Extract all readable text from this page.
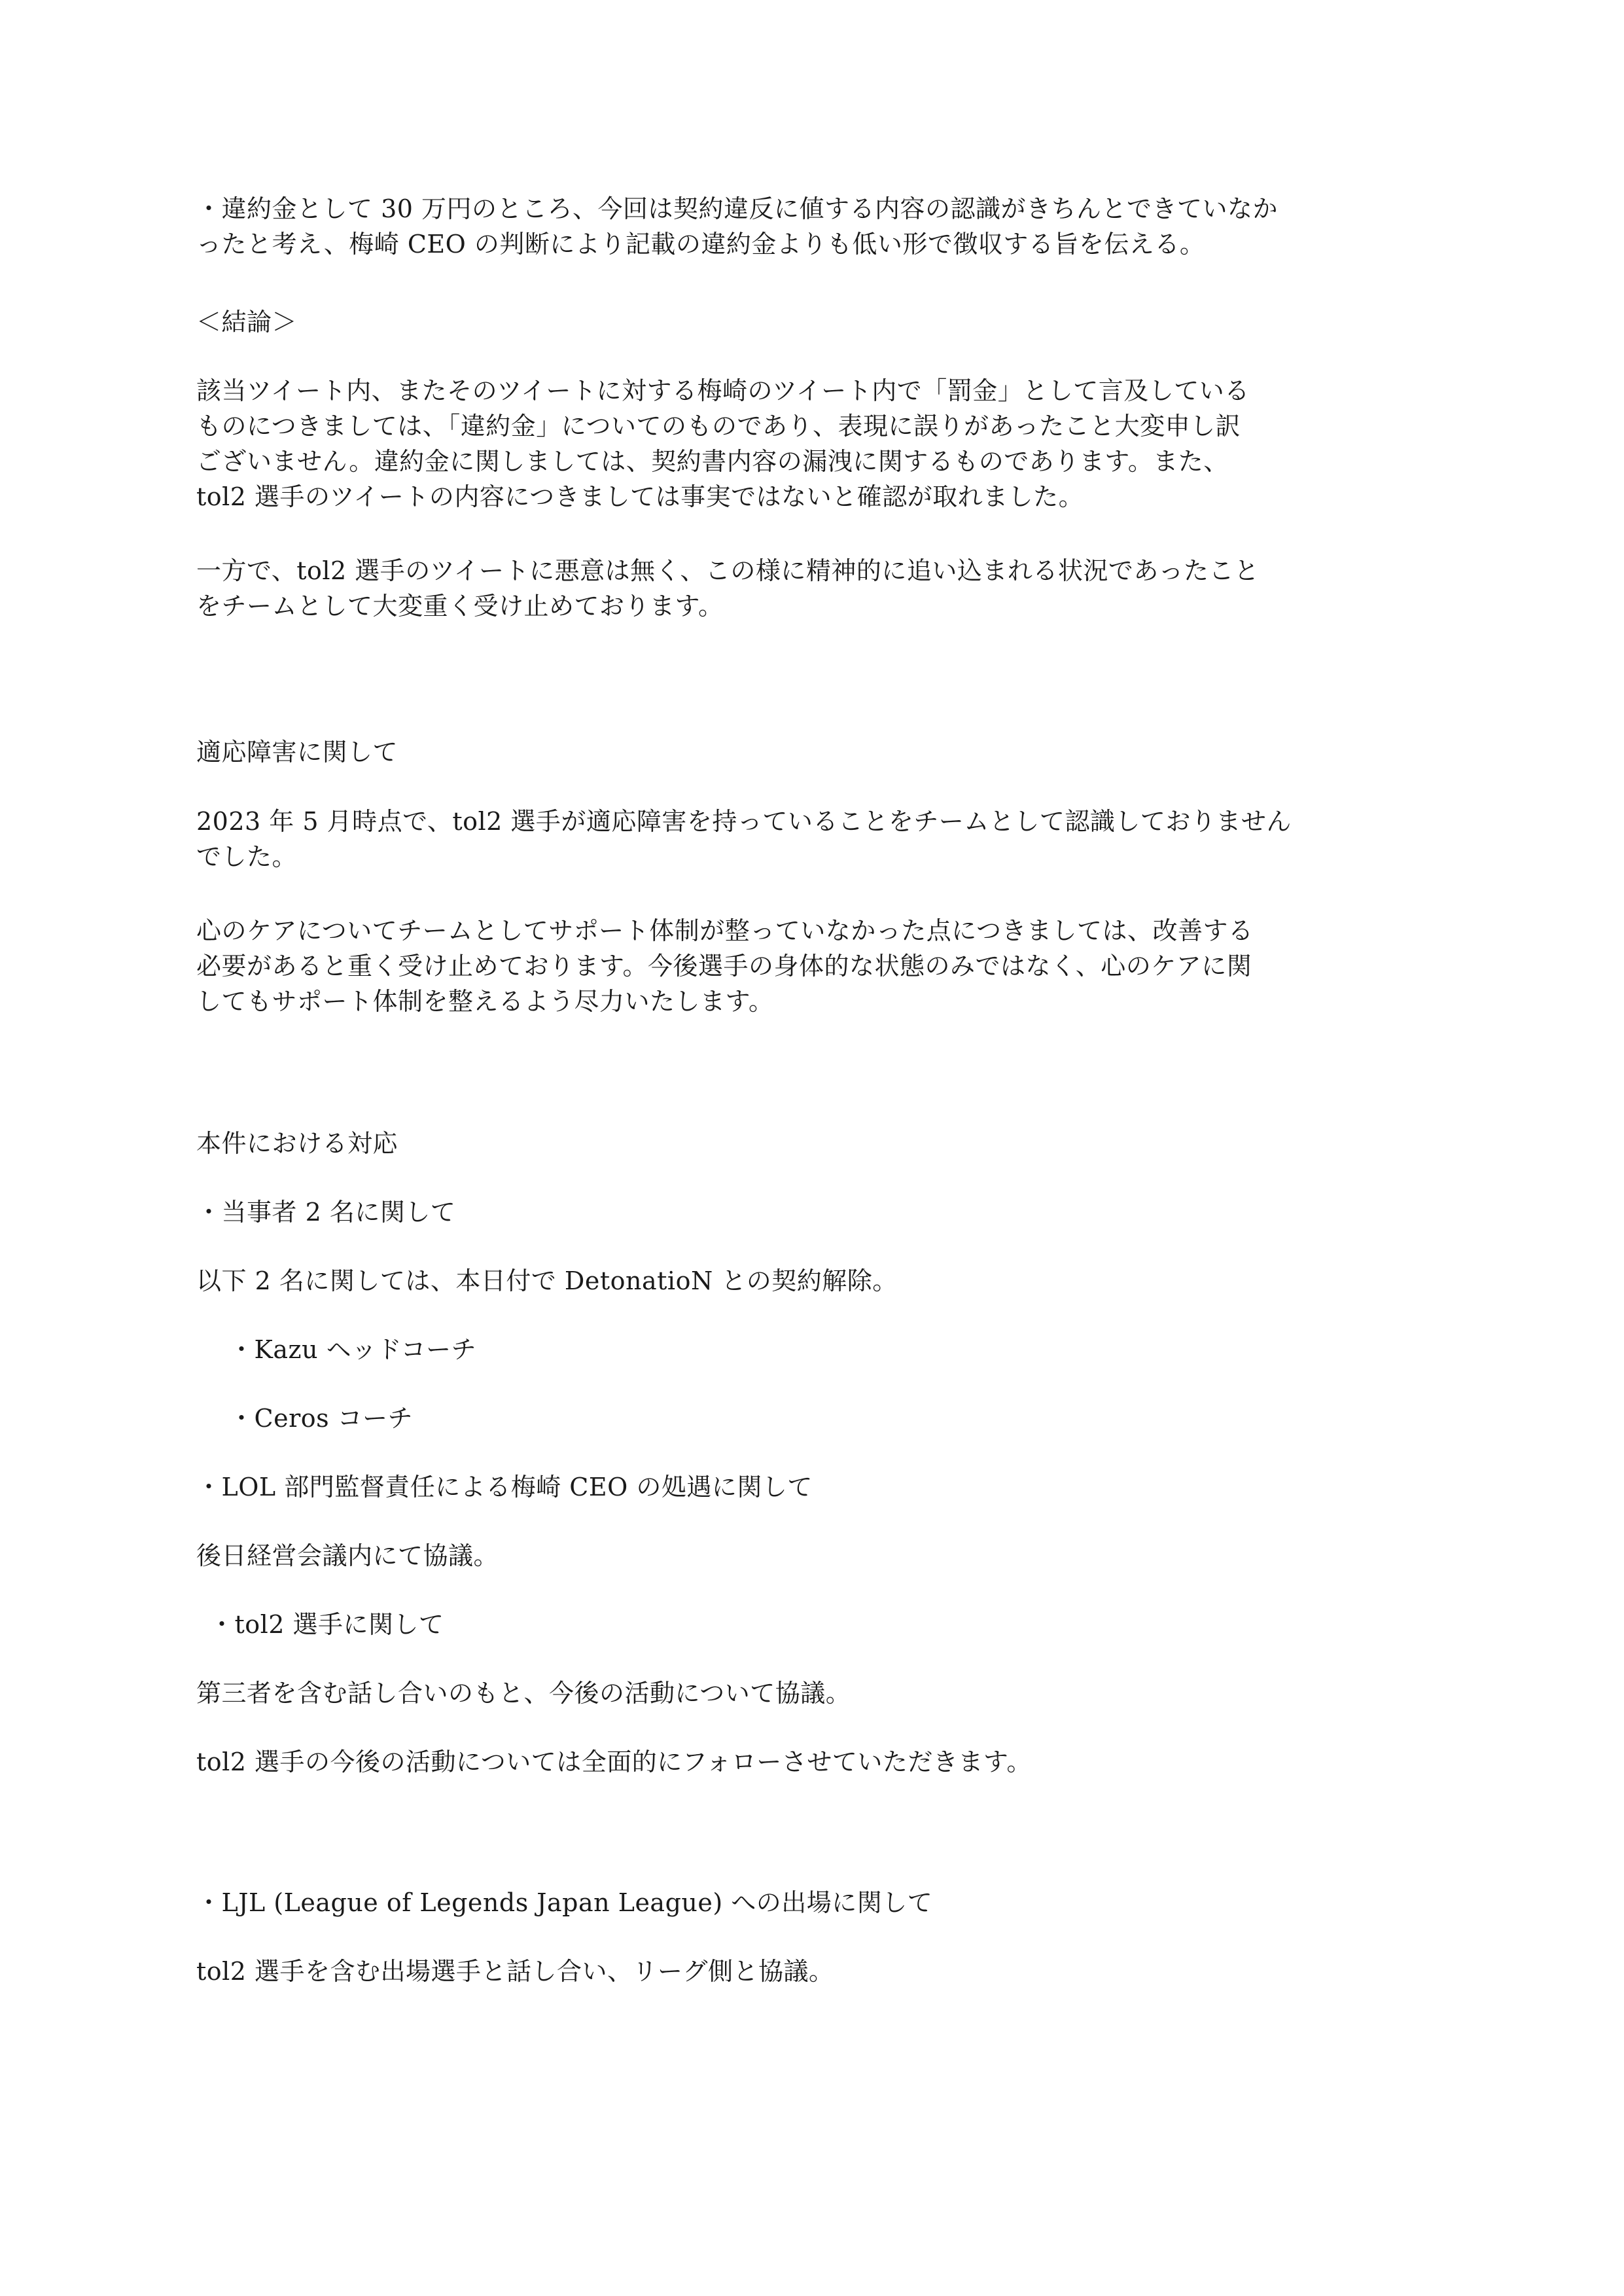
・違約金として 30 万円のところ、今回は契約違反に値する内容の認識がきちんとできていなか
ったと考え、梅崎 CEO の判断により記載の違約金よりも低い形で徴収する旨を伝える。

＜結論＞

該当ツイート内、またそのツイートに対する梅崎のツイート内で「罰金」として言及している
ものにつきましては、「違約金」についてのものであり、表現に誤りがあったこと大変申し訳
ございません。違約金に関しましては、契約書内容の漏洩に関するものであります。また、
tol2 選手のツイートの内容につきましては事実ではないと確認が取れました。

一方で、tol2 選手のツイートに悪意は無く、この様に精神的に追い込まれる状況であったこと
をチームとして大変重く受け止めております。

適応障害に関して

2023 年 5 月時点で、tol2 選手が適応障害を持っていることをチームとして認識しておりません
でした。

心のケアについてチームとしてサポート体制が整っていなかった点につきましては、改善する
必要があると重く受け止めております。今後選手の身体的な状態のみではなく、心のケアに関
してもサポート体制を整えるよう尽力いたします。

本件における対応

・当事者 2 名に関して

以下 2 名に関しては、本日付で DetonatioN との契約解除。

・Kazu ヘッドコーチ

・Ceros コーチ

・LOL 部門監督責任による梅崎 CEO の処遇に関して

後日経営会議内にて協議。

・tol2 選手に関して

第三者を含む話し合いのもと、今後の活動について協議。

tol2 選手の今後の活動については全面的にフォローさせていただきます。

・LJL (League of Legends Japan League) への出場に関して

tol2 選手を含む出場選手と話し合い、リーグ側と協議。
